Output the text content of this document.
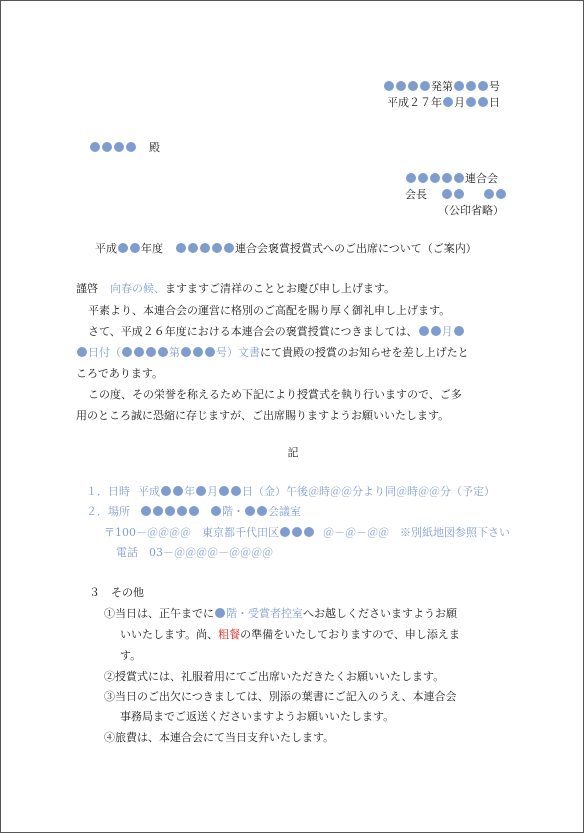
発第	号
平成２７年 月 日
殿
連合会
会長
（公印省略）
平成 年度	連合会褒賞授賞式へのご出席について（ご案内）
謹啓 向春の候、ますますご清祥のこととお慶び申し上げます。
平素より、本連合会の運営に格別のご高配を賜り厚く御礼申し上げます。
さて、平成２６年度における本連合会の褒賞授賞につきましては、 月
日付（	第	号）文書にて貴殿の授賞のお知らせを差し上げたと
ころであります。
この度、その栄誉を称えるため下記により授賞式を執り行いますので、ご多
用のところ誠に恐縮に存じますが、ご出席賜りますようお願いいたします。
記
１．日時 平成 年 月 日（金）午後＠時＠＠分より同＠時＠＠分（予定）
２．場所	階・ 会議室
〒100－＠＠＠＠　東京都千代田区	＠－＠－＠＠　※別紙地図参照下さい
電話　03－＠＠＠＠－＠＠＠＠
３　その他
①当日は、正午までに 階・受賞者控室へお越しくださいますようお願
いいたします。尚、粗餐の準備をいたしておりますので、申し添えま
す。
②授賞式には、礼服着用にてご出席いただきたくお願いいたします。
③当日のご出欠につきましては、別添の葉書にご記入のうえ、本連合会
事務局までご返送くださいますようお願いいたします。
④旅費は、本連合会にて当日支弁いたします。
